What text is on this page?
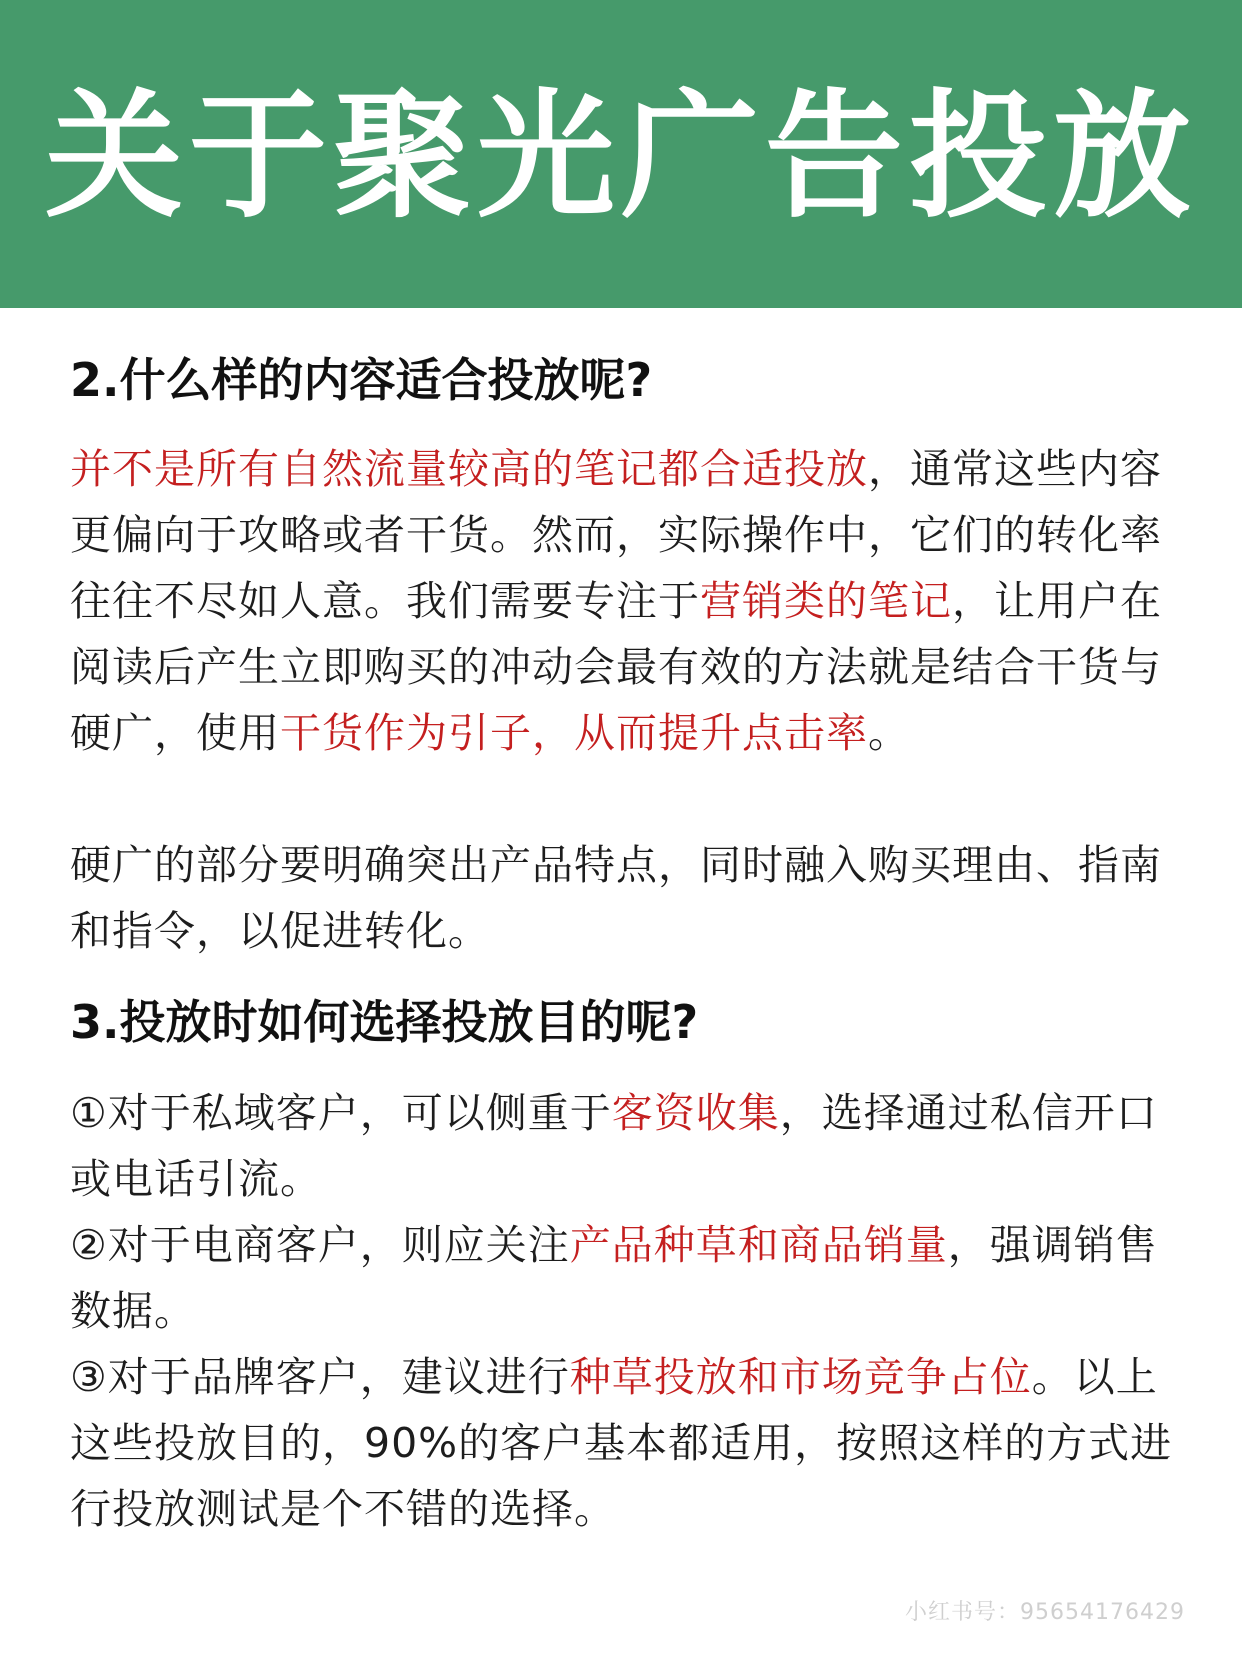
关于聚光广告投放
2.什么样的内容适合投放呢?

并不是所有自然流量较高的笔记都合适投放，通常这些内容更偏向于攻略或者干货。然而，实际操作中，它们的转化率往往不尽如人意。我们需要专注于营销类的笔记，让用户在阅读后产生立即购买的冲动会最有效的方法就是结合干货与硬广，使用干货作为引子，从而提升点击率。

硬广的部分要明确突出产品特点，同时融入购买理由、指南和指令，以促进转化。

3.投放时如何选择投放目的呢?

①对于私域客户，可以侧重于客资收集，选择通过私信开口或电话引流。

②对于电商客户，则应关注产品种草和商品销量，强调销售数据。

③对于品牌客户，建议进行种草投放和市场竞争占位。以上这些投放目的，90%的客户基本都适用，按照这样的方式进行投放测试是个不错的选择。

小红书号：95654176429
